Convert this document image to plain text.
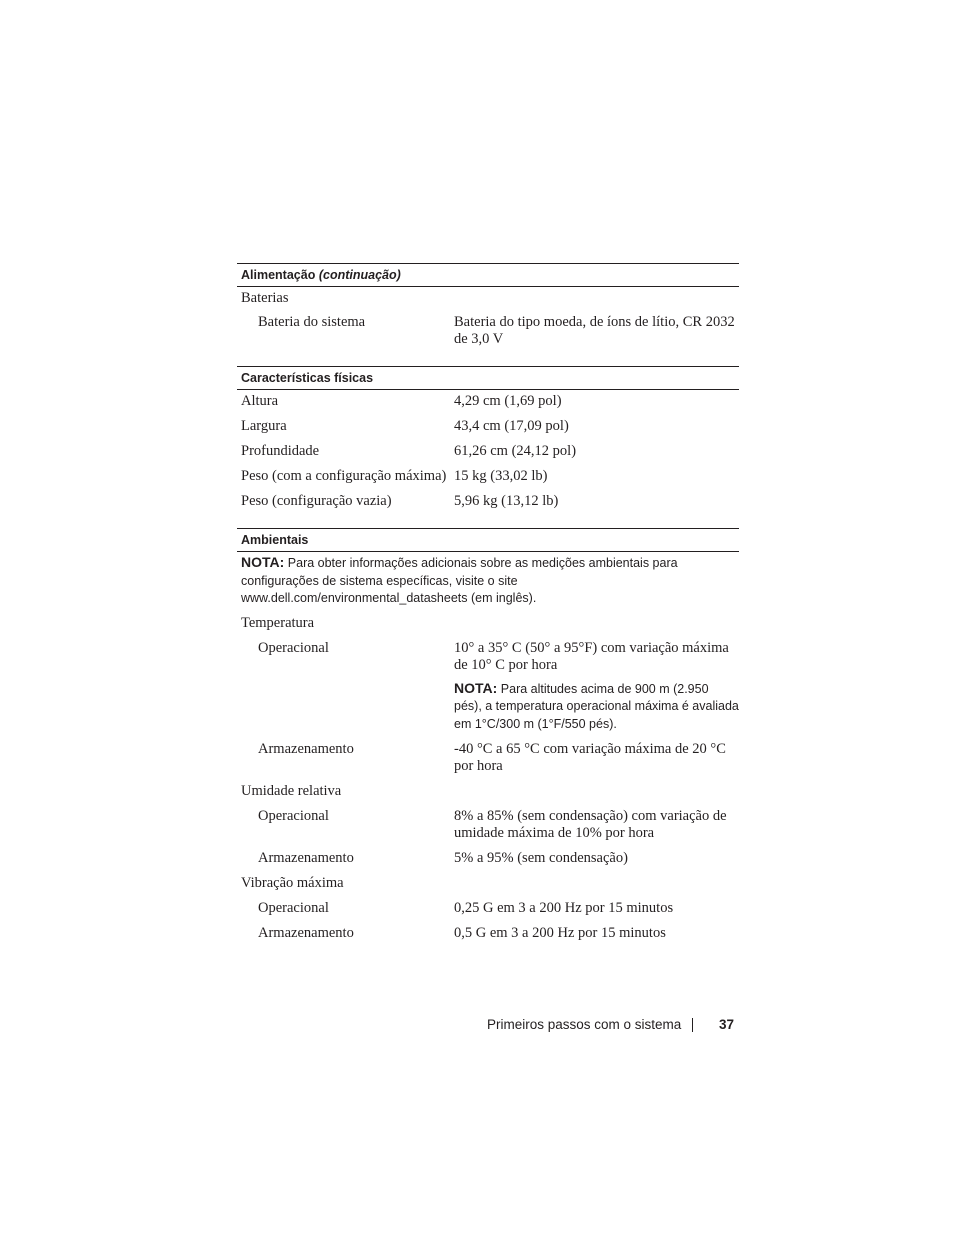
Alimentação (continuação)
Baterias
Bateria do sistema	Bateria do tipo moeda, de íons de lítio, CR 2032 de 3,0 V
Características físicas
Altura	4,29 cm (1,69 pol)
Largura	43,4 cm (17,09 pol)
Profundidade	61,26 cm (24,12 pol)
Peso (com a configuração máxima) 15 kg (33,02 lb)
Peso (configuração vazia)	5,96 kg (13,12 lb)
Ambientais
NOTA: Para obter informações adicionais sobre as medições ambientais para configurações de sistema específicas, visite o site www.dell.com/environmental_datasheets (em inglês).
Temperatura
Operacional	10° a 35° C (50° a 95°F) com variação máxima de 10° C por hora
NOTA: Para altitudes acima de 900 m (2.950 pés), a temperatura operacional máxima é avaliada em 1°C/300 m (1°F/550 pés).
Armazenamento	-40 °C a 65 °C com variação máxima de 20 °C por hora
Umidade relativa
Operacional	8% a 85% (sem condensação) com variação de umidade máxima de 10% por hora
Armazenamento	5% a 95% (sem condensação)
Vibração máxima
Operacional	0,25 G em 3 a 200 Hz por 15 minutos
Armazenamento	0,5 G em 3 a 200 Hz por 15 minutos
Primeiros passos com o sistema	37
